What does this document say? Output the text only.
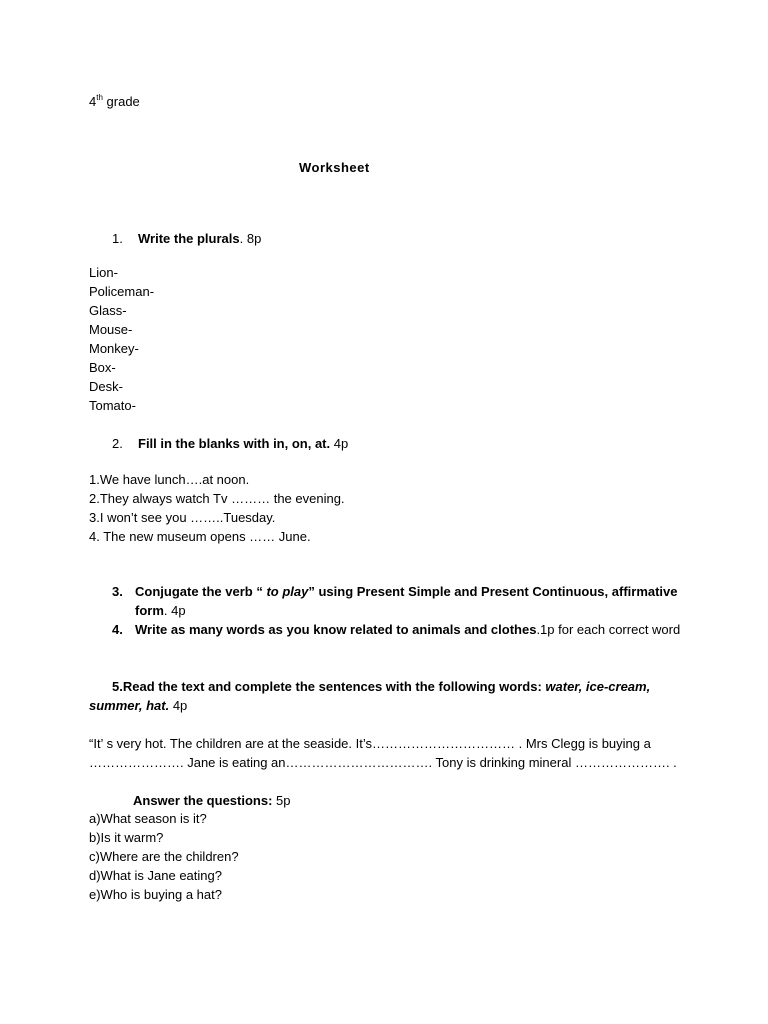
4th grade
Worksheet
1. Write the plurals. 8p
Lion-
Policeman-
Glass-
Mouse-
Monkey-
Box-
Desk-
Tomato-
2. Fill in the blanks with in, on, at. 4p
1.We have lunch….at noon.
2.They always watch Tv ……… the evening.
3.I won’t see you ……..Tuesday.
4. The new museum opens …… June.
3. Conjugate the verb “ to play” using Present Simple and Present Continuous, affirmative form. 4p
4. Write as many words as you know related to animals and clothes.1p for each correct word
5.Read the text and complete the sentences with the following words: water, ice-cream, summer, hat. 4p
“It’ s very hot. The children are at the seaside. It’s…………………………… . Mrs Clegg is buying a …………………. Jane is eating an……………………………. Tony is drinking mineral …………………. .
Answer the questions: 5p
a)What season is it?
b)Is it warm?
c)Where are the children?
d)What is Jane eating?
e)Who is buying a hat?
